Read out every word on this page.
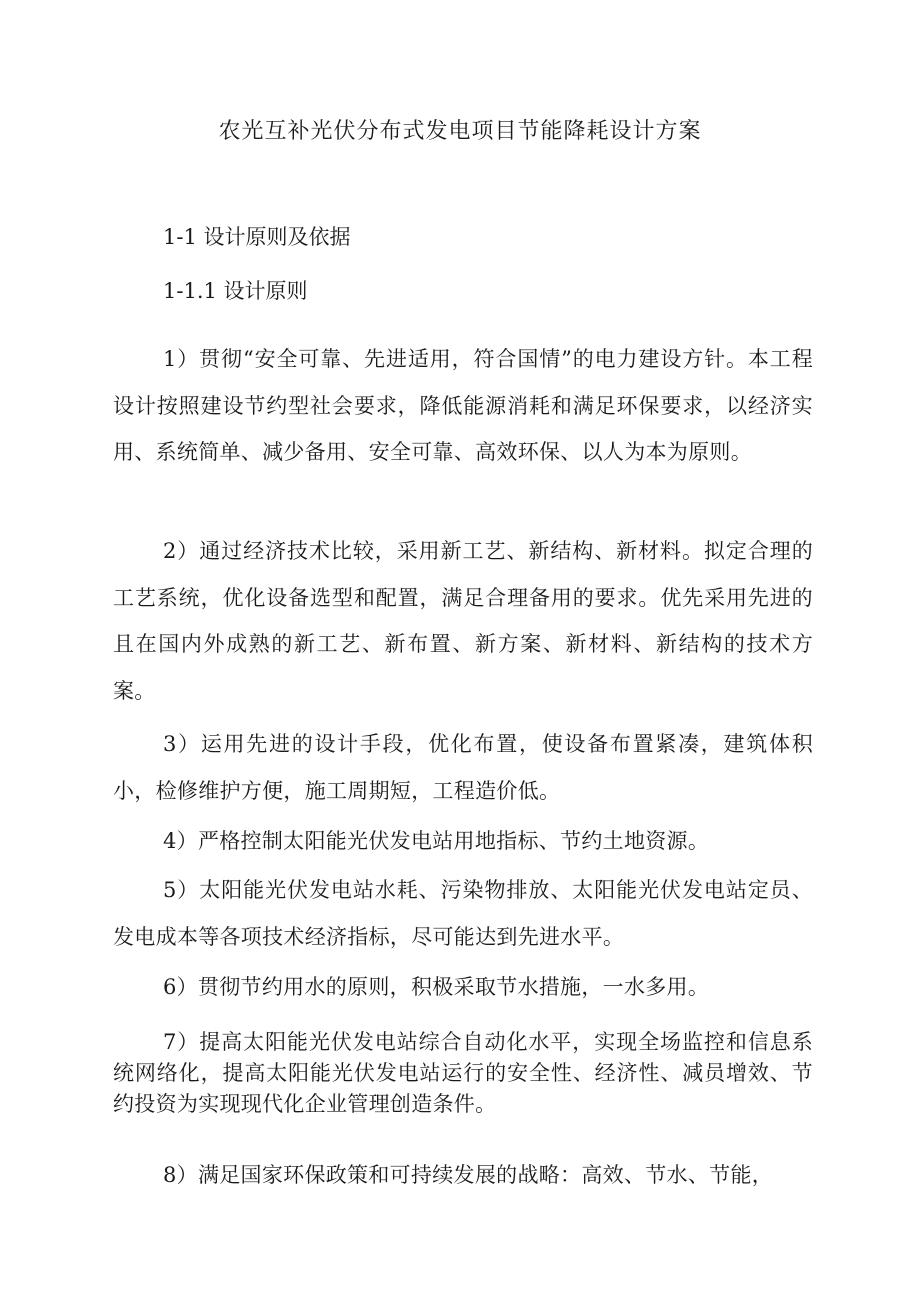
农光互补光伏分布式发电项目节能降耗设计方案
1-1 设计原则及依据
1-1.1 设计原则
1）贯彻“安全可靠、先进适用，符合国情”的电力建设方针。本工程设计按照建设节约型社会要求，降低能源消耗和满足环保要求，以经济实用、系统简单、减少备用、安全可靠、高效环保、以人为本为原则。
2）通过经济技术比较，采用新工艺、新结构、新材料。拟定合理的工艺系统，优化设备选型和配置，满足合理备用的要求。优先采用先进的且在国内外成熟的新工艺、新布置、新方案、新材料、新结构的技术方案。
3）运用先进的设计手段，优化布置，使设备布置紧凑，建筑体积小，检修维护方便，施工周期短，工程造价低。
4）严格控制太阳能光伏发电站用地指标、节约土地资源。
5）太阳能光伏发电站水耗、污染物排放、太阳能光伏发电站定员、发电成本等各项技术经济指标，尽可能达到先进水平。
6）贯彻节约用水的原则，积极采取节水措施，一水多用。
7）提高太阳能光伏发电站综合自动化水平，实现全场监控和信息系统网络化，提高太阳能光伏发电站运行的安全性、经济性、减员增效、节约投资为实现现代化企业管理创造条件。
8）满足国家环保政策和可持续发展的战略：高效、节水、节能，
